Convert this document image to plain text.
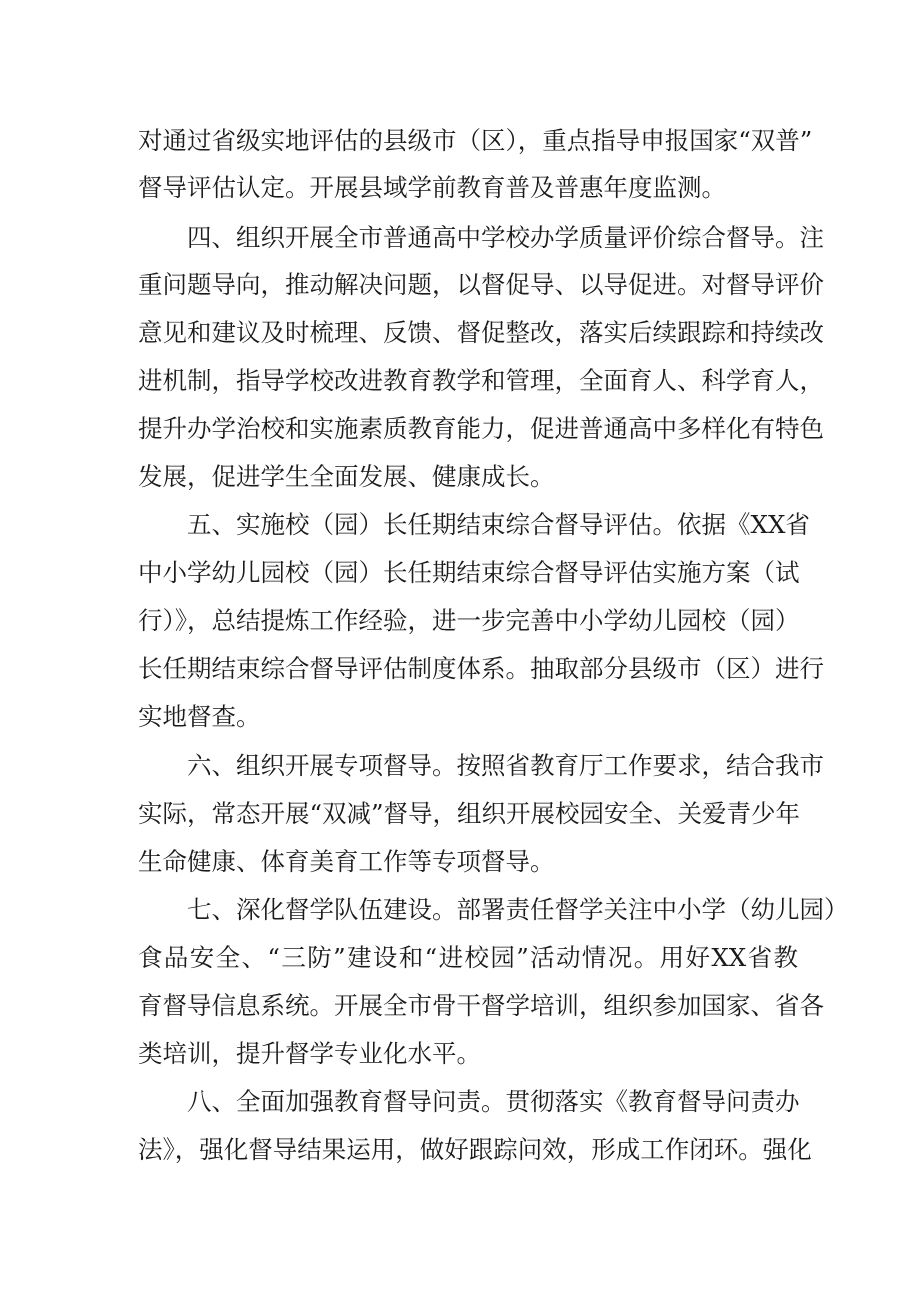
对通过省级实地评估的县级市（区），重点指导申报国家“双普”
督导评估认定。开展县域学前教育普及普惠年度监测。
四、组织开展全市普通高中学校办学质量评价综合督导。注
重问题导向，推动解决问题，以督促导、以导促进。对督导评价
意见和建议及时梳理、反馈、督促整改，落实后续跟踪和持续改
进机制，指导学校改进教育教学和管理，全面育人、科学育人，
提升办学治校和实施素质教育能力，促进普通高中多样化有特色
发展，促进学生全面发展、健康成长。
五、实施校（园）长任期结束综合督导评估。依据《XX省
中小学幼儿园校（园）长任期结束综合督导评估实施方案（试
行）》，总结提炼工作经验，进一步完善中小学幼儿园校（园）
长任期结束综合督导评估制度体系。抽取部分县级市（区）进行
实地督查。
六、组织开展专项督导。按照省教育厅工作要求，结合我市
实际，常态开展“双减”督导，组织开展校园安全、关爱青少年
生命健康、体育美育工作等专项督导。
七、深化督学队伍建设。部署责任督学关注中小学（幼儿园）
食品安全、“三防”建设和“进校园”活动情况。用好XX省教
育督导信息系统。开展全市骨干督学培训，组织参加国家、省各
类培训，提升督学专业化水平。
八、全面加强教育督导问责。贯彻落实《教育督导问责办
法》，强化督导结果运用，做好跟踪问效，形成工作闭环。强化
